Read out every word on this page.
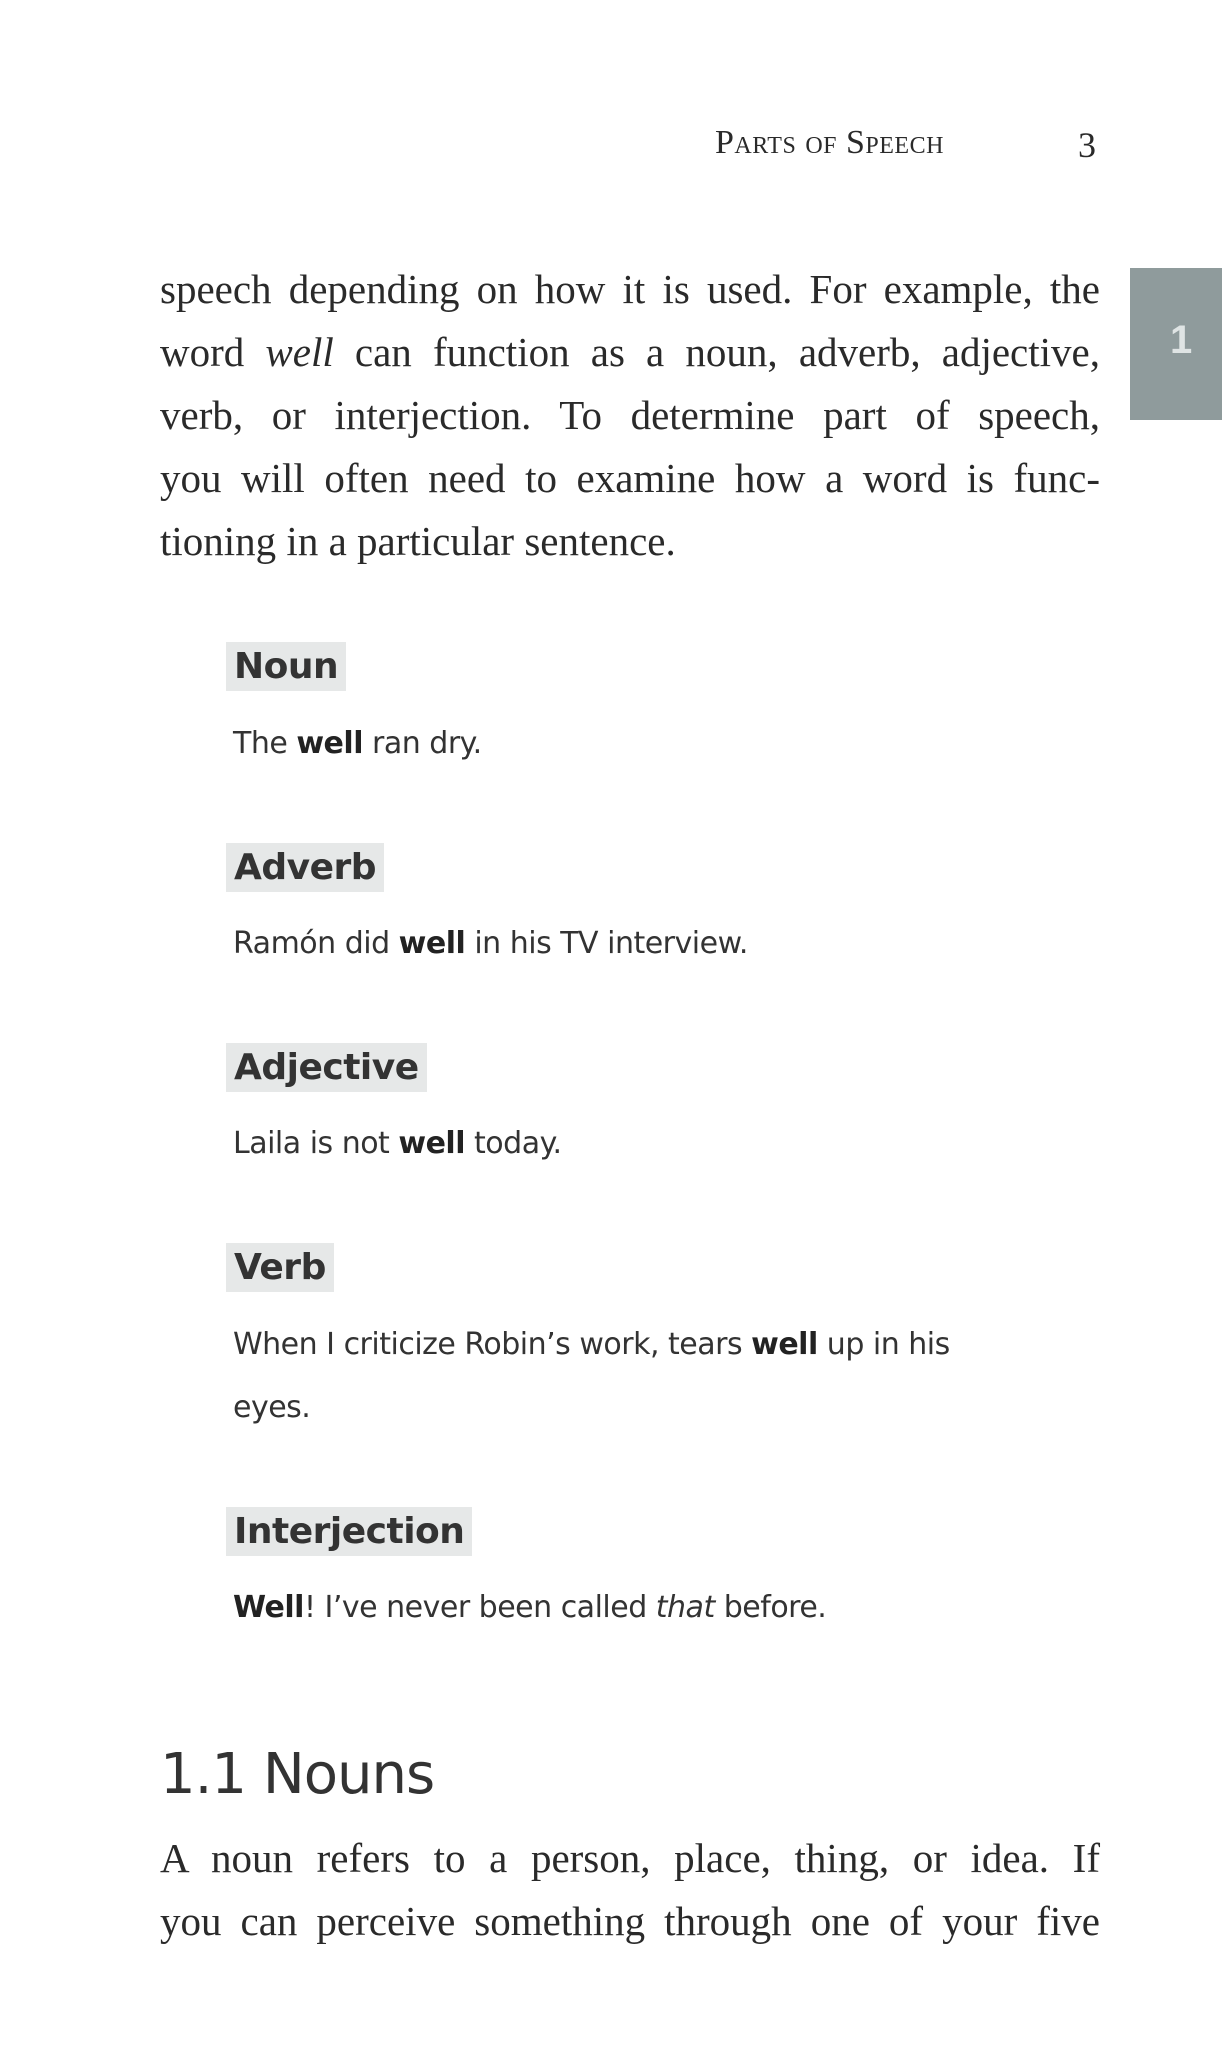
Parts of Speech	3
1
speech depending on how it is used. For example, the
word well can function as a noun, adverb, adjective,
verb, or interjection. To determine part of speech,
you will often need to examine how a word is func-
tioning in a particular sentence.
Noun
The well ran dry.
Adverb
Ramón did well in his TV interview.
Adjective
Laila is not well today.
Verb
When I criticize Robin’s work, tears well up in his
eyes.
Interjection
Well! I’ve never been called that before.
1.1 Nouns
A noun refers to a person, place, thing, or idea. If
you can perceive something through one of your five
